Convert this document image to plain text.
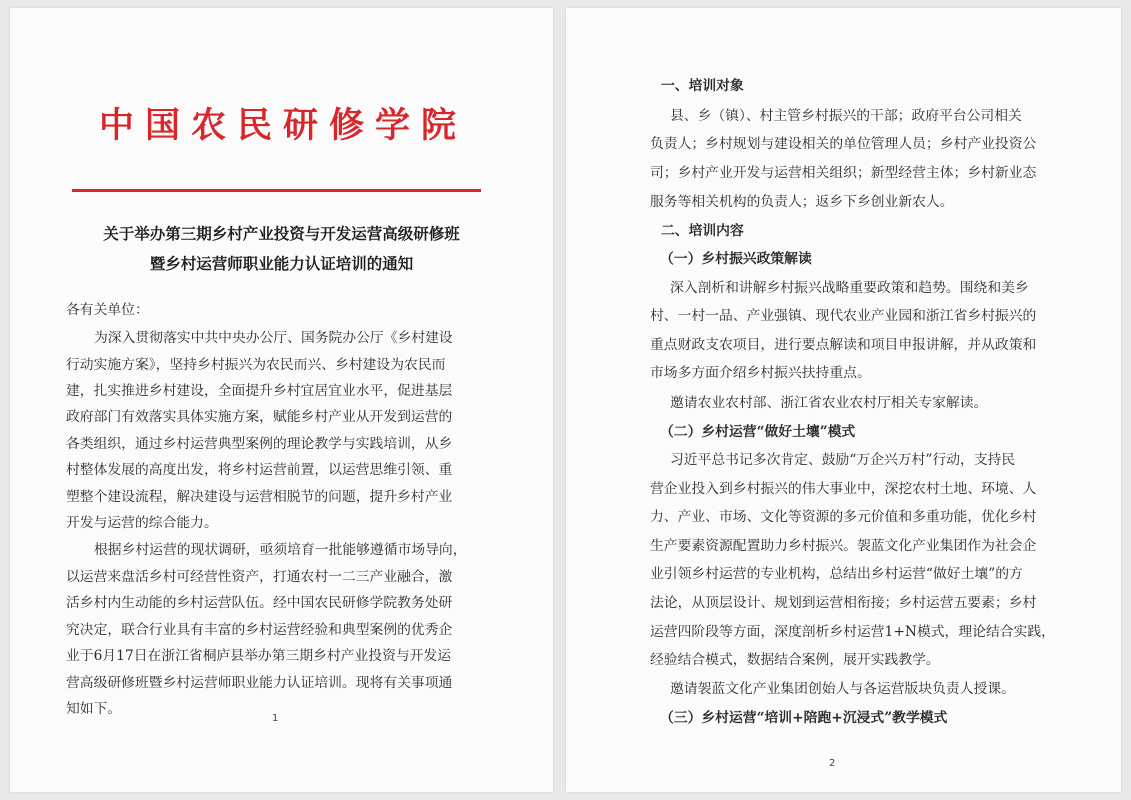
中国农民研修学院
关于举办第三期乡村产业投资与开发运营高级研修班
暨乡村运营师职业能力认证培训的通知
各有关单位：
为深入贯彻落实中共中央办公厅、国务院办公厅《乡村建设
行动实施方案》，坚持乡村振兴为农民而兴、乡村建设为农民而
建，扎实推进乡村建设，全面提升乡村宜居宜业水平，促进基层
政府部门有效落实具体实施方案，赋能乡村产业从开发到运营的
各类组织，通过乡村运营典型案例的理论教学与实践培训，从乡
村整体发展的高度出发，将乡村运营前置，以运营思维引领、重
塑整个建设流程，解决建设与运营相脱节的问题，提升乡村产业
开发与运营的综合能力。
根据乡村运营的现状调研，亟须培育一批能够遵循市场导向，
以运营来盘活乡村可经营性资产，打通农村一二三产业融合，激
活乡村内生动能的乡村运营队伍。经中国农民研修学院教务处研
究决定，联合行业具有丰富的乡村运营经验和典型案例的优秀企
业于6月17日在浙江省桐庐县举办第三期乡村产业投资与开发运
营高级研修班暨乡村运营师职业能力认证培训。现将有关事项通
知如下。
1
一、培训对象
县、乡（镇）、村主管乡村振兴的干部；政府平台公司相关
负责人；乡村规划与建设相关的单位管理人员；乡村产业投资公
司；乡村产业开发与运营相关组织；新型经营主体；乡村新业态
服务等相关机构的负责人；返乡下乡创业新农人。
二、培训内容
（一）乡村振兴政策解读
深入剖析和讲解乡村振兴战略重要政策和趋势。围绕和美乡
村、一村一品、产业强镇、现代农业产业园和浙江省乡村振兴的
重点财政支农项目，进行要点解读和项目申报讲解，并从政策和
市场多方面介绍乡村振兴扶持重点。
邀请农业农村部、浙江省农业农村厅相关专家解读。
（二）乡村运营“做好土壤”模式
习近平总书记多次肯定、鼓励“万企兴万村”行动，支持民
营企业投入到乡村振兴的伟大事业中，深挖农村土地、环境、人
力、产业、市场、文化等资源的多元价值和多重功能，优化乡村
生产要素资源配置助力乡村振兴。袈蓝文化产业集团作为社会企
业引领乡村运营的专业机构，总结出乡村运营“做好土壤”的方
法论，从顶层设计、规划到运营相衔接；乡村运营五要素；乡村
运营四阶段等方面，深度剖析乡村运营1+N模式，理论结合实践，
经验结合模式，数据结合案例，展开实践教学。
邀请袈蓝文化产业集团创始人与各运营版块负责人授课。
（三）乡村运营“培训+陪跑+沉浸式”教学模式
2
